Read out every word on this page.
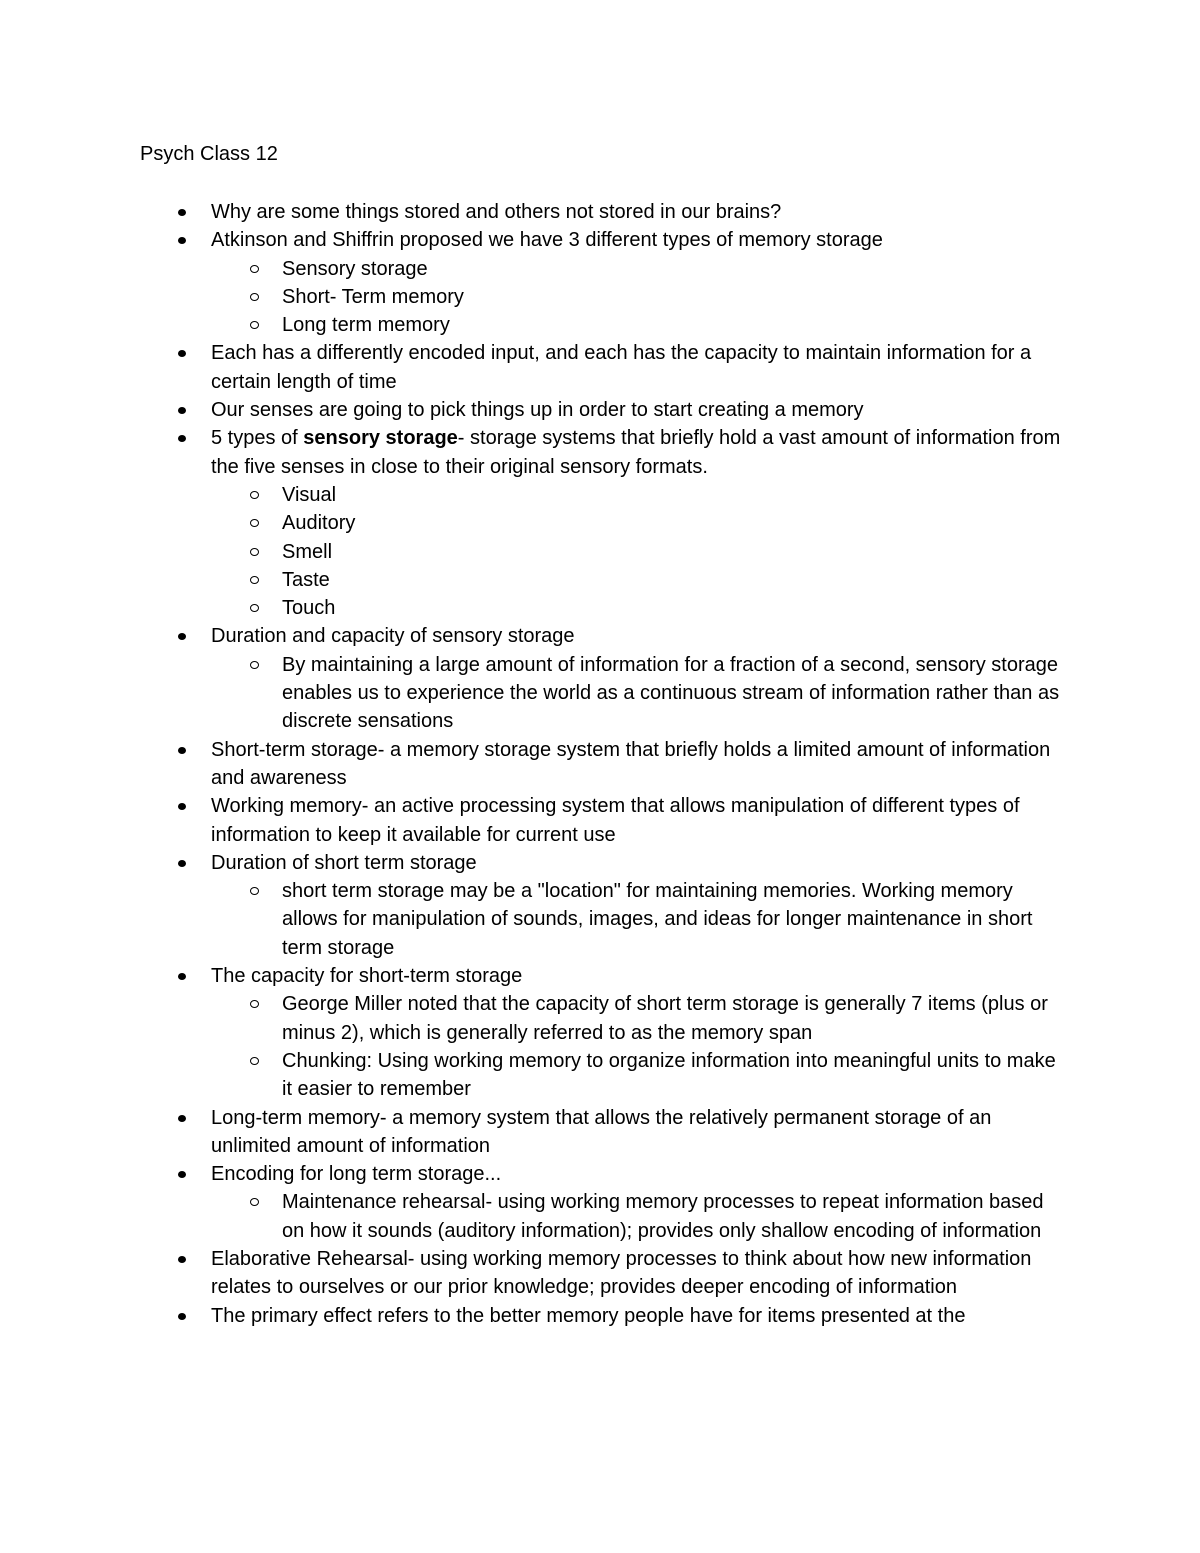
Psych Class 12
Why are some things stored and others not stored in our brains?
Atkinson and Shiffrin proposed we have 3 different types of memory storage
Sensory storage
Short- Term memory
Long term memory
Each has a differently encoded input, and each has the capacity to maintain information for a certain length of time
Our senses are going to pick things up in order to start creating a memory
5 types of sensory storage- storage systems that briefly hold a vast amount of information from the five senses in close to their original sensory formats.
Visual
Auditory
Smell
Taste
Touch
Duration and capacity of sensory storage
By maintaining a large amount of information for a fraction of a second, sensory storage enables us to experience the world as a continuous stream of information rather than as discrete sensations
Short-term storage- a memory storage system that briefly holds a limited amount of information and awareness
Working memory- an active processing system that allows manipulation of different types of information to keep it available for current use
Duration of short term storage
short term storage may be a "location" for maintaining memories. Working memory allows for manipulation of sounds, images, and ideas for longer maintenance in short term storage
The capacity for short-term storage
George Miller noted that the capacity of short term storage is generally 7 items (plus or minus 2), which is generally referred to as the memory span
Chunking: Using working memory to organize information into meaningful units to make it easier to remember
Long-term memory- a memory system that allows the relatively permanent storage of an unlimited amount of information
Encoding for long term storage...
Maintenance rehearsal- using working memory processes to repeat information based on how it sounds (auditory information); provides only shallow encoding of information
Elaborative Rehearsal- using working memory processes to think about how new information relates to ourselves or our prior knowledge; provides deeper encoding of information
The primary effect refers to the better memory people have for items presented at the
